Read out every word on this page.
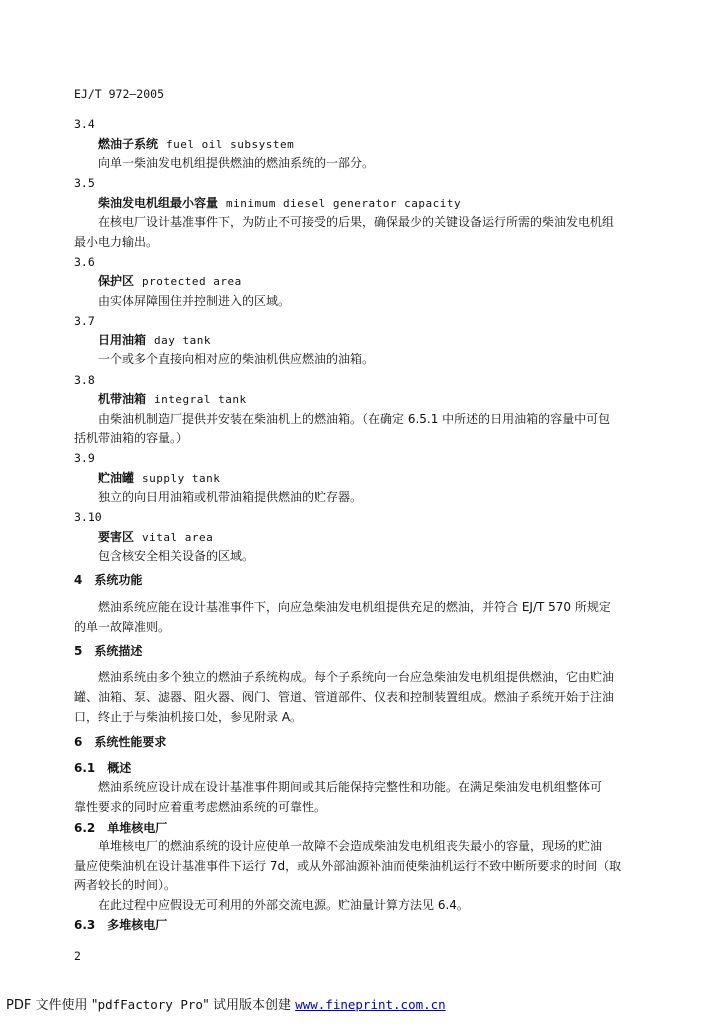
EJ/T 972—2005
3.4
燃油子系统 fuel oil subsystem
向单一柴油发电机组提供燃油的燃油系统的一部分。
3.5
柴油发电机组最小容量 minimum diesel generator capacity
在核电厂设计基准事件下，为防止不可接受的后果，确保最少的关键设备运行所需的柴油发电机组
最小电力输出。
3.6
保护区 protected area
由实体屏障围住并控制进入的区域。
3.7
日用油箱 day tank
一个或多个直接向相对应的柴油机供应燃油的油箱。
3.8
机带油箱 integral tank
由柴油机制造厂提供并安装在柴油机上的燃油箱。（在确定 6.5.1 中所述的日用油箱的容量中可包
括机带油箱的容量。）
3.9
贮油罐 supply tank
独立的向日用油箱或机带油箱提供燃油的贮存器。
3.10
要害区 vital area
包含核安全相关设备的区域。
4　系统功能
燃油系统应能在设计基准事件下，向应急柴油发电机组提供充足的燃油，并符合 EJ/T 570 所规定
的单一故障准则。
5　系统描述
燃油系统由多个独立的燃油子系统构成。每个子系统向一台应急柴油发电机组提供燃油，它由贮油
罐、油箱、泵、滤器、阻火器、阀门、管道、管道部件、仪表和控制装置组成。燃油子系统开始于注油
口，终止于与柴油机接口处，参见附录 A。
6　系统性能要求
6.1　概述
燃油系统应设计成在设计基准事件期间或其后能保持完整性和功能。在满足柴油发电机组整体可
靠性要求的同时应着重考虑燃油系统的可靠性。
6.2　单堆核电厂
单堆核电厂的燃油系统的设计应使单一故障不会造成柴油发电机组丧失最小的容量，现场的贮油
量应使柴油机在设计基准事件下运行 7d，或从外部油源补油而使柴油机运行不致中断所要求的时间（取
两者较长的时间）。
在此过程中应假设无可利用的外部交流电源。贮油量计算方法见 6.4。
6.3　多堆核电厂
2
PDF 文件使用 "pdfFactory Pro" 试用版本创建 www.fineprint.com.cn
